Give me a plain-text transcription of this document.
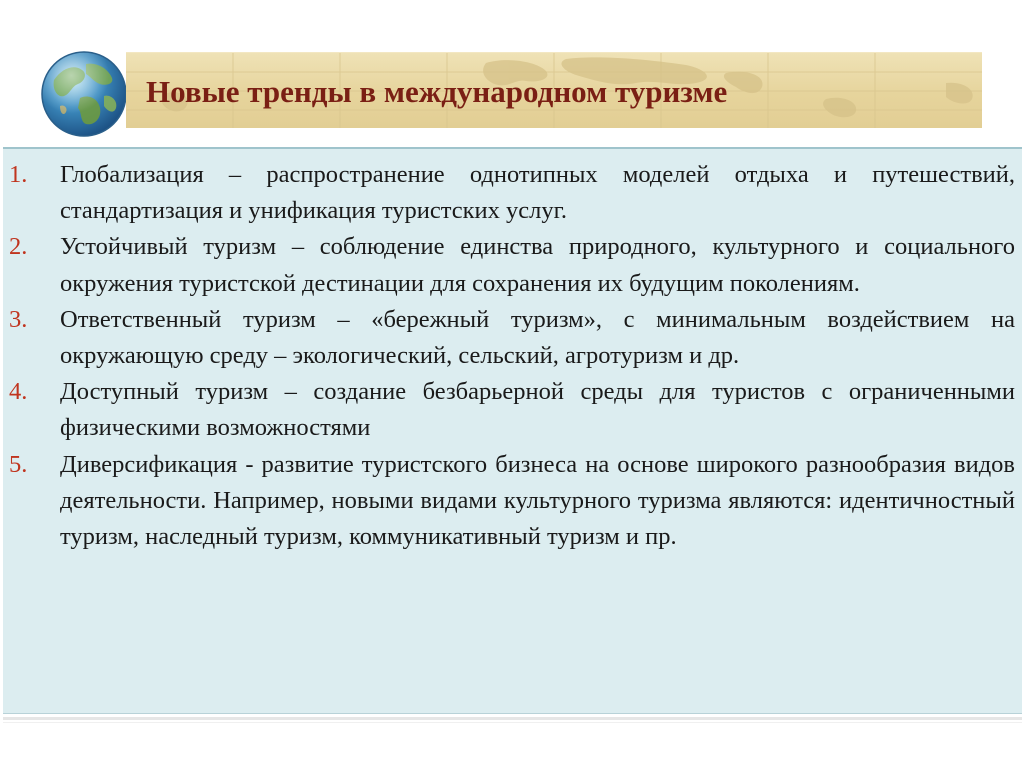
Новые тренды в международном туризме
1. Глобализация – распространение однотипных моделей отдыха и путешествий, стандартизация и унификация туристских услуг.
2. Устойчивый туризм – соблюдение единства природного, культурного и социального окружения туристской дестинации для сохранения их будущим поколениям.
3. Ответственный туризм – «бережный туризм», с минимальным воздействием на окружающую среду – экологический, сельский, агротуризм и др.
4. Доступный туризм – создание безбарьерной среды для туристов с ограниченными физическими возможностями
5. Диверсификация - развитие туристского бизнеса на основе широкого разнообразия видов деятельности. Например, новыми видами культурного туризма являются: идентичностный туризм, наследный туризм, коммуникативный туризм и пр.
